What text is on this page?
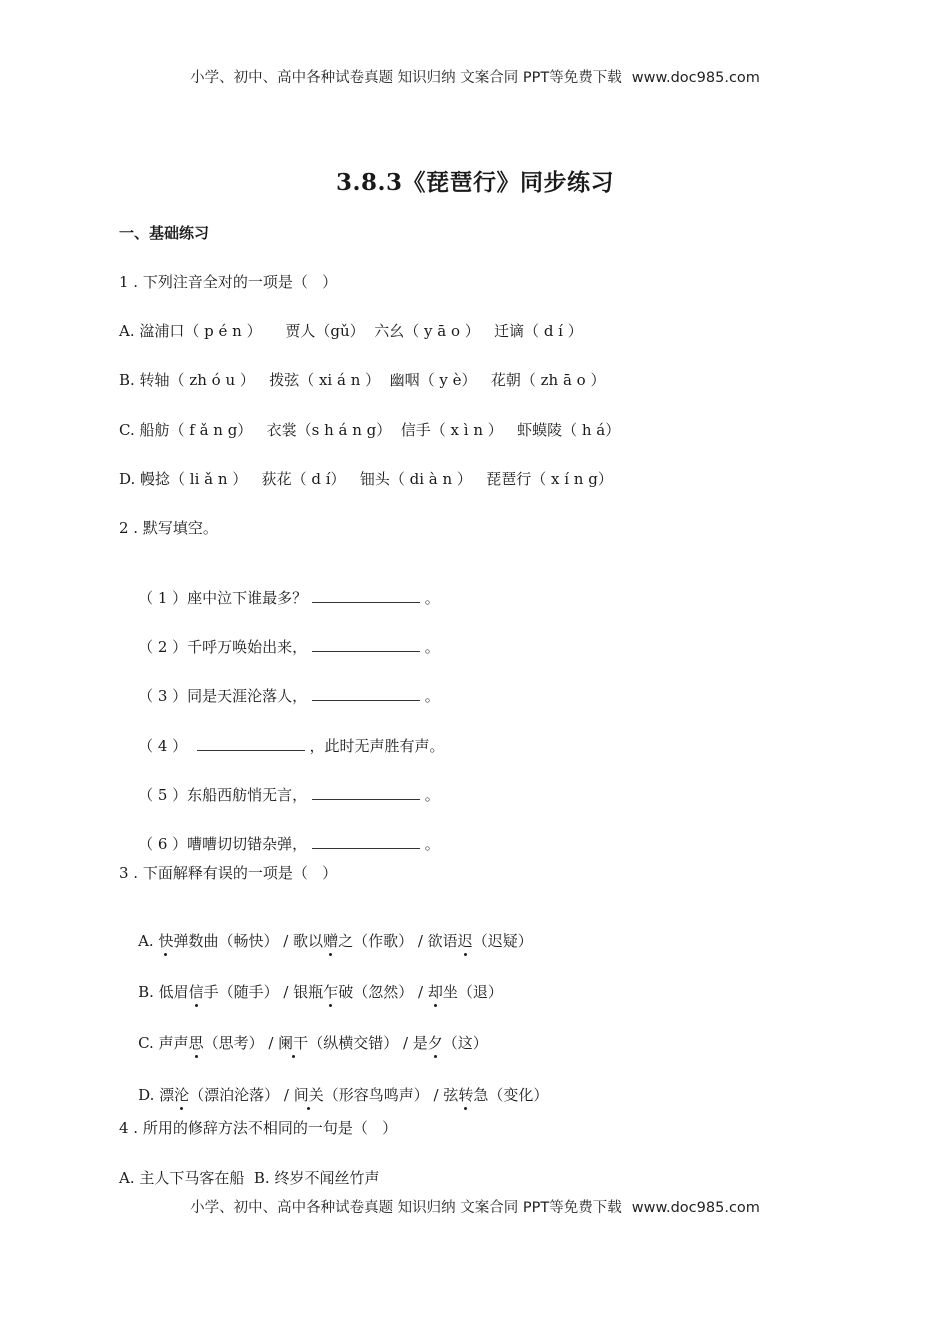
小学、初中、高中各种试卷真题 知识归纳 文案合同 PPT等免费下载 www.doc985.com
3.8.3《琵琶行》同步练习
一、基础练习
1 . 下列注音全对的一项是（   ）
A. 湓浦口（ p é n ）     贾人（gǔ）  六幺（ y ā o ）   迁谪（ d í ）
B. 转轴（ zh ó u ）   拨弦（ xi á n ）  幽咽（ y è）   花朝（ zh ā o ）
C. 船舫（ f ǎ n g）   衣裳（s h á n g）  信手（ x ì n ）   虾蟆陵（ h á）
D. 幔捻（ li ǎ n ）   荻花（ d í）   钿头（ di à n ）   琵琶行（ x í n g）
2 . 默写填空。

（ 1 ）座中泣下谁最多？	。

（ 2 ）千呼万唤始出来，	。

（ 3 ）同是天涯沦落人，	。

（ 4 ）	，此时无声胜有声。

（ 5 ）东船西舫悄无言，	。

（ 6 ）嘈嘈切切错杂弹，	。

3 . 下面解释有误的一项是（   ）

A. 快弹数曲（畅快） / 歌以赠之（作歌） / 欲语迟（迟疑）

B. 低眉信手（随手） / 银瓶乍破（忽然） / 却坐（退）

C. 声声思（思考） / 阑干（纵横交错） / 是夕（这）

D. 漂沦（漂泊沦落） / 间关（形容鸟鸣声） / 弦转急（变化）

4 . 所用的修辞方法不相同的一句是（   ）
A. 主人下马客在船  B. 终岁不闻丝竹声
小学、初中、高中各种试卷真题 知识归纳 文案合同 PPT等免费下载 www.doc985.com
